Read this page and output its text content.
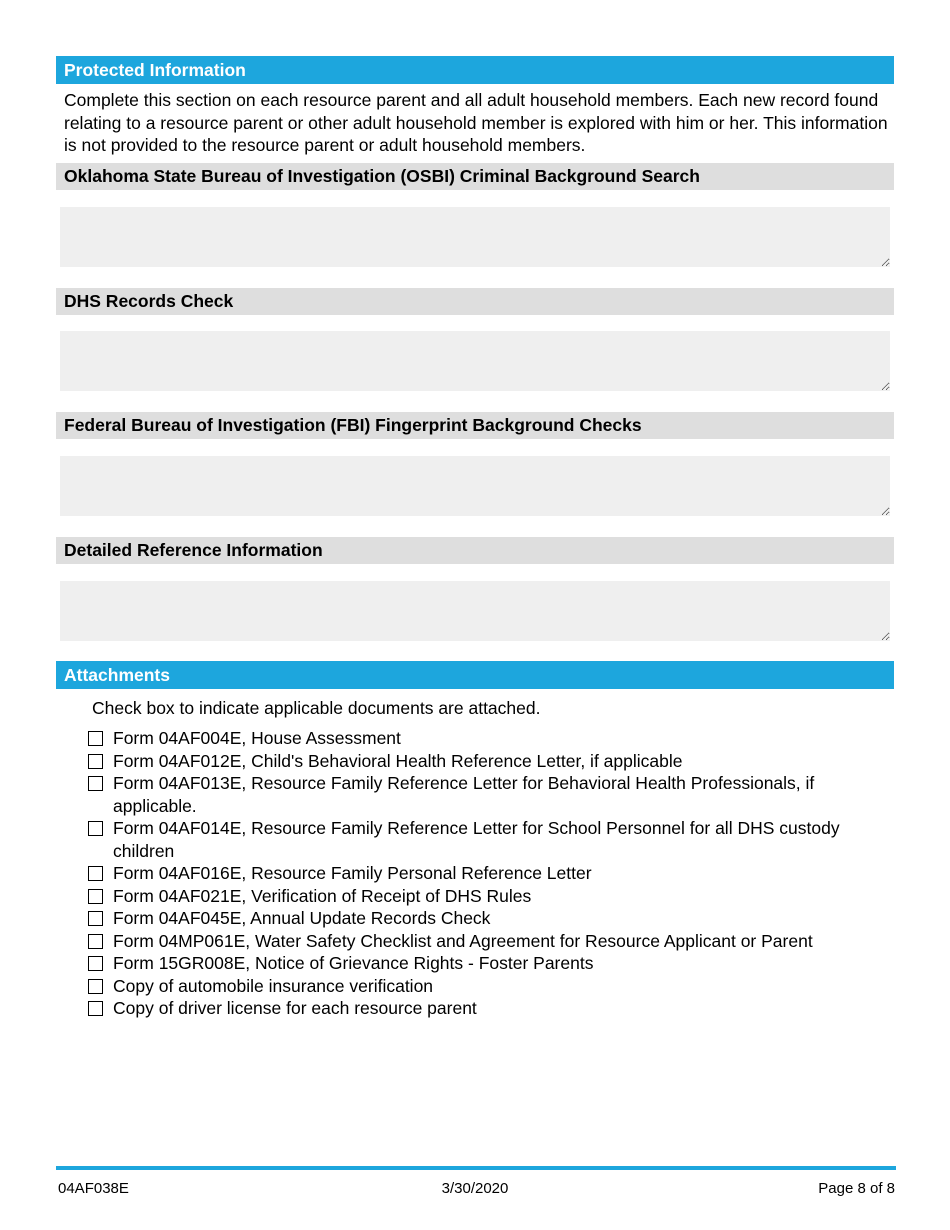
Protected Information
Complete this section on each resource parent and all adult household members. Each new record found relating to a resource parent or other adult household member is explored with him or her. This information is not provided to the resource parent or adult household members.
Oklahoma State Bureau of Investigation (OSBI) Criminal Background Search
DHS Records Check
Federal Bureau of Investigation (FBI) Fingerprint Background Checks
Detailed Reference Information
Attachments
Check box to indicate applicable documents are attached.
Form 04AF004E, House Assessment
Form 04AF012E, Child's Behavioral Health Reference Letter, if applicable
Form 04AF013E, Resource Family Reference Letter for Behavioral Health Professionals, if applicable.
Form 04AF014E, Resource Family Reference Letter for School Personnel for all DHS custody children
Form 04AF016E, Resource Family Personal Reference Letter
Form 04AF021E, Verification of Receipt of DHS Rules
Form 04AF045E, Annual Update Records Check
Form 04MP061E, Water Safety Checklist and Agreement for Resource Applicant or Parent
Form 15GR008E, Notice of Grievance Rights - Foster Parents
Copy of automobile insurance verification
Copy of driver license for each resource parent
04AF038E	3/30/2020	Page 8 of 8
